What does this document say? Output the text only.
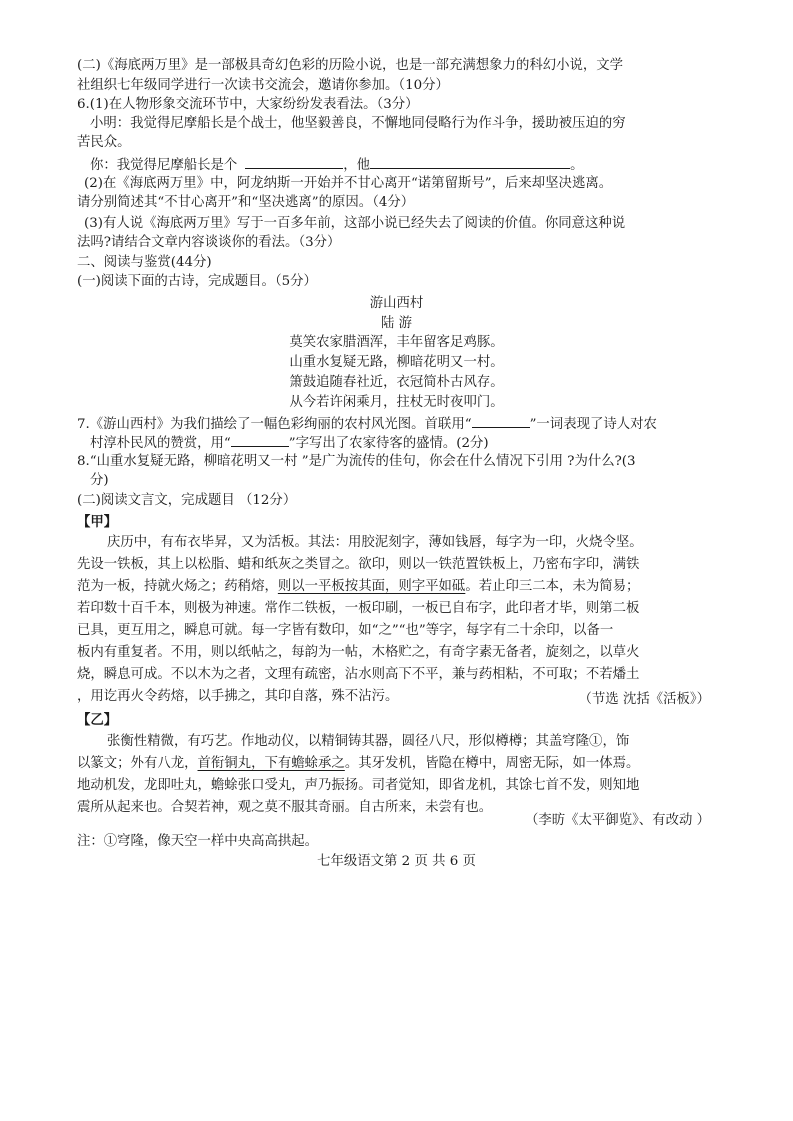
(二)《海底两万里》是一部极具奇幻色彩的历险小说，也是一部充满想象力的科幻小说，文学
社组织七年级同学进行一次读书交流会，邀请你参加。（10分）
6.(1)在人物形象交流环节中，大家纷纷发表看法。（3分）
小明：我觉得尼摩船长是个战士，他坚毅善良，不懈地同侵略行为作斗争，援助被压迫的穷
苦民众。
你：我觉得尼摩船长是个	，他	。
(2)在《海底两万里》中，阿龙纳斯一开始并不甘心离开“诺第留斯号”，后来却坚决逃离。
请分别简述其“不甘心离开”和“坚决逃离”的原因。（4分）
(3)有人说《海底两万里》写于一百多年前，这部小说已经失去了阅读的价值。你同意这种说
法吗?请结合文章内容谈谈你的看法。（3分）
二、阅读与鉴赏(44分)
(一)阅读下面的古诗，完成题目。（5分）
游山西村
陆 游
莫笑农家腊酒浑，丰年留客足鸡豚。
山重水复疑无路，柳暗花明又一村。
箫鼓追随春社近，衣冠简朴古风存。
从今若许闲乘月，拄杖无时夜叩门。
7.《游山西村》为我们描绘了一幅色彩绚丽的农村风光图。首联用“	”一词表现了诗人对农
村淳朴民风的赞赏，用“	”字写出了农家待客的盛情。(2分)
8.“山重水复疑无路，柳暗花明又一村 ”是广为流传的佳句，你会在什么情况下引用 ?为什么?(3
分)
(二)阅读文言文，完成题目 （12分）
【甲】
庆历中，有布衣毕昇，又为活板。其法：用胶泥刻字，薄如钱唇，每字为一印，火烧令坚。
先设一铁板，其上以松脂、蜡和纸灰之类冒之。欲印，则以一铁范置铁板上，乃密布字印，满铁
范为一板，持就火炀之；药稍熔，则以一平板按其面，则字平如砥。若止印三二本，未为简易；
若印数十百千本，则极为神速。常作二铁板，一板印刷，一板已自布字，此印者才毕，则第二板
已具，更互用之，瞬息可就。每一字皆有数印，如“之”“也”等字，每字有二十余印，以备一
板内有重复者。不用，则以纸帖之，每韵为一帖，木格贮之，有奇字素无备者，旋刻之，以草火
烧，瞬息可成。不以木为之者，文理有疏密，沾水则高下不平，兼与药相粘，不可取；不若燔土
，用讫再火令药熔，以手拂之，其印自落，殊不沾污。	（节选 沈括《活板》）
【乙】
张衡性精微，有巧艺。作地动仪，以精铜铸其器，圆径八尺，形似樽樽；其盖穹隆①，饰
以篆文；外有八龙，首衔铜丸，下有蟾蜍承之。其牙发机，皆隐在樽中，周密无际，如一体焉。
地动机发，龙即吐丸，蟾蜍张口受丸，声乃振扬。司者觉知，即省龙机，其馀七首不发，则知地
震所从起来也。合契若神，观之莫不服其奇丽。自古所来，未尝有也。
（李昉《太平御览》、有改动 ）
注：①穹隆，像天空一样中央高高拱起。
七年级语文第 2 页 共 6 页
